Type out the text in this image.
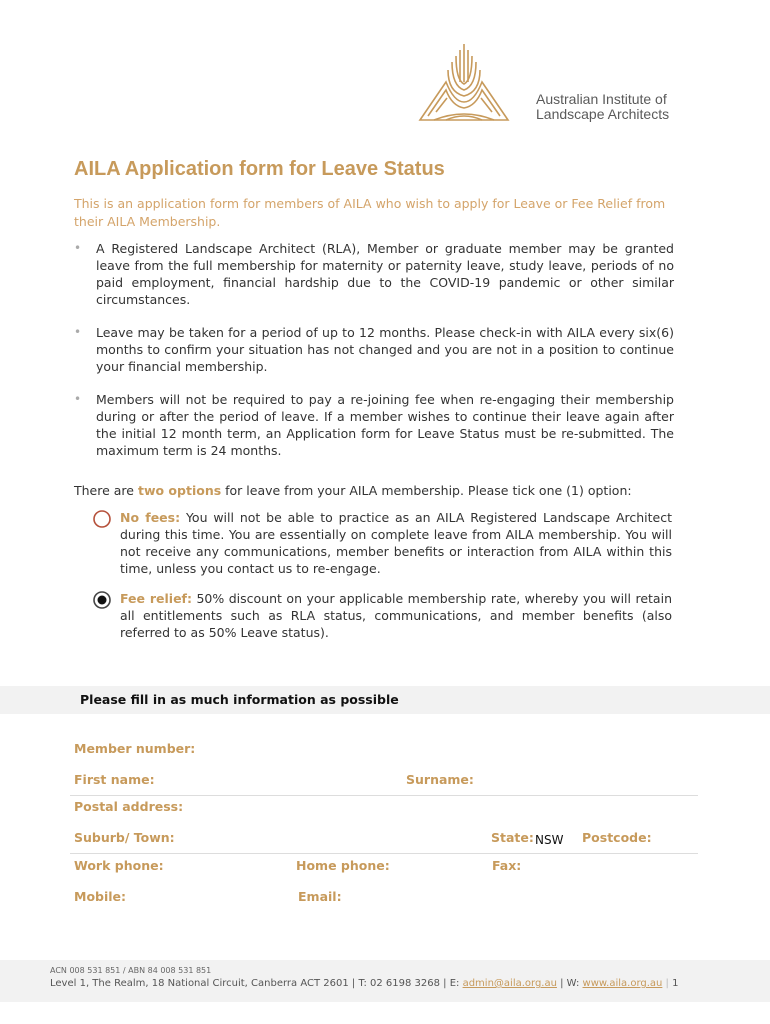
Australian Institute of
Landscape Architects
AILA Application form for Leave Status
This is an application form for members of AILA who wish to apply for Leave or Fee Relief from their AILA Membership.
• A Registered Landscape Architect (RLA), Member or graduate member may be granted leave from the full membership for maternity or paternity leave, study leave, periods of no paid employment, financial hardship due to the COVID-19 pandemic or other similar circumstances.
• Leave may be taken for a period of up to 12 months. Please check-in with AILA every six(6) months to confirm your situation has not changed and you are not in a position to continue your financial membership.
• Members will not be required to pay a re-joining fee when re-engaging their membership during or after the period of leave. If a member wishes to continue their leave again after the initial 12 month term, an Application form for Leave Status must be re-submitted. The maximum term is 24 months.
There are two options for leave from your AILA membership. Please tick one (1) option:
No fees: You will not be able to practice as an AILA Registered Landscape Architect during this time. You are essentially on complete leave from AILA membership. You will not receive any communications, member benefits or interaction from AILA within this time, unless you contact us to re-engage.
Fee relief: 50% discount on your applicable membership rate, whereby you will retain all entitlements such as RLA status, communications, and member benefits (also referred to as 50% Leave status).
Please fill in as much information as possible
Member number:
First name:	Surname:
Postal address:
Suburb/ Town:	State: NSW Postcode:
Work phone:	Home phone:	Fax:
Mobile:	Email:
ACN 008 531 851 / ABN 84 008 531 851
Level 1, The Realm, 18 National Circuit, Canberra ACT 2601 | T: 02 6198 3268 | E: admin@aila.org.au | W: www.aila.org.au | 1
